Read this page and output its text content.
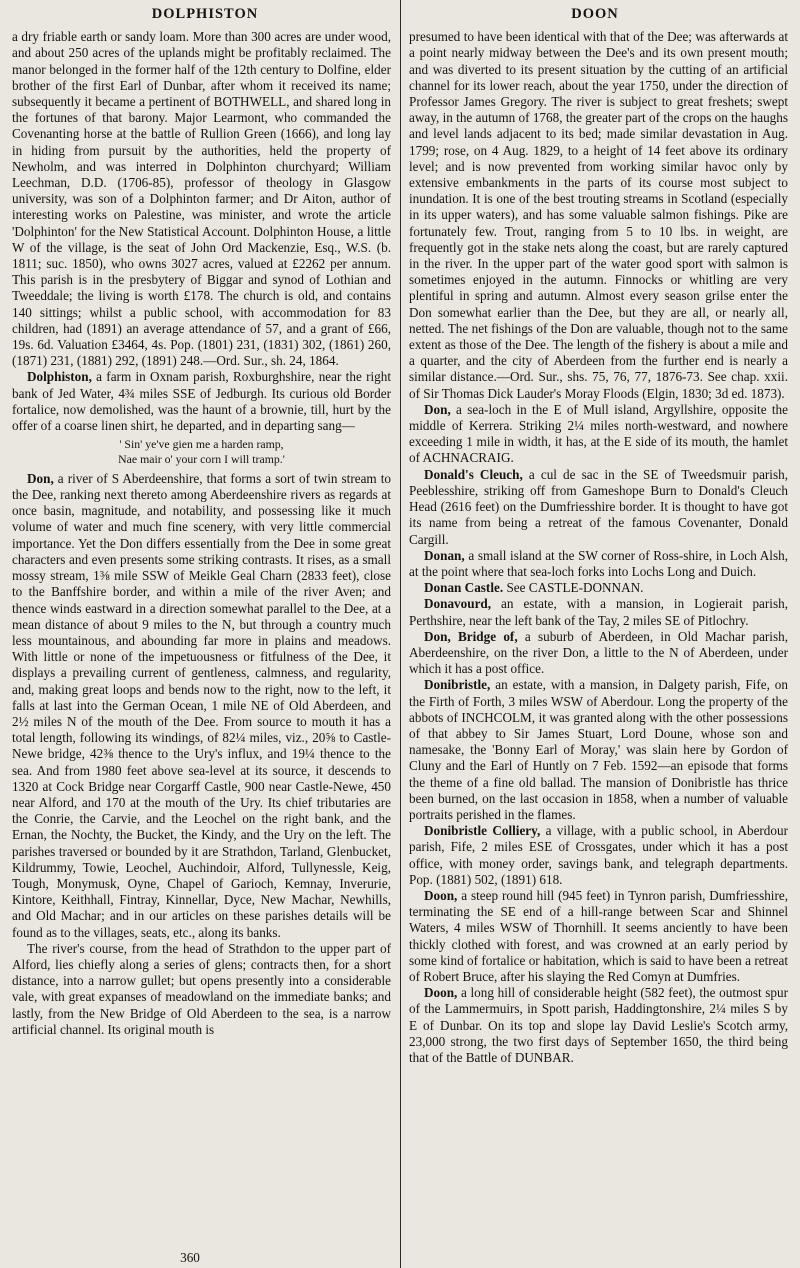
DOLPHISTON	DOON

a dry friable earth or sandy loam. More than 300 acres are under wood, and about 250 acres of the uplands might be profitably reclaimed. The manor belonged in the former half of the 12th century to Dolfine, elder brother of the first Earl of Dunbar, after whom it received its name; subsequently it became a pertinent of BOTHWELL, and shared long in the fortunes of that barony. Major Learmont, who commanded the Covenanting horse at the battle of Rullion Green (1666), and long lay in hiding from pursuit by the authorities, held the property of Newholm, and was interred in Dolphinton churchyard; William Leechman, D.D. (1706-85), professor of theology in Glasgow university, was son of a Dolphinton farmer; and Dr Aiton, author of interesting works on Palestine, was minister, and wrote the article 'Dolphinton' for the New Statistical Account. Dolphinton House, a little W of the village, is the seat of John Ord Mackenzie, Esq., W.S. (b. 1811; suc. 1850), who owns 3027 acres, valued at £2262 per annum. This parish is in the presbytery of Biggar and synod of Lothian and Tweeddale; the living is worth £178. The church is old, and contains 140 sittings; whilst a public school, with accommodation for 83 children, had (1891) an average attendance of 57, and a grant of £66, 19s. 6d. Valuation £3464, 4s. Pop. (1801) 231, (1831) 302, (1861) 260, (1871) 231, (1881) 292, (1891) 248.—Ord. Sur., sh. 24, 1864.

Dolphiston, a farm in Oxnam parish, Roxburghshire, near the right bank of Jed Water, 4¾ miles SSE of Jedburgh. Its curious old Border fortalice, now demolished, was the haunt of a brownie, till, hurt by the offer of a coarse linen shirt, he departed, and in departing sang—

' Sin' ye've gien me a harden ramp,
Nae mair o' your corn I will tramp.'

Don, a river of S Aberdeenshire, that forms a sort of twin stream to the Dee, ranking next thereto among Aberdeenshire rivers as regards at once basin, magnitude, and notability, and possessing like it much volume of water and much fine scenery, with very little commercial importance. Yet the Don differs essentially from the Dee in some great characters and even presents some striking contrasts. It rises, as a small mossy stream, 1⅜ mile SSW of Meikle Geal Charn (2833 feet), close to the Banffshire border, and within a mile of the river Aven; and thence winds eastward in a direction somewhat parallel to the Dee, at a mean distance of about 9 miles to the N, but through a country much less mountainous, and abounding far more in plains and meadows. With little or none of the impetuousness or fitfulness of the Dee, it displays a prevailing current of gentleness, calmness, and regularity, and, making great loops and bends now to the right, now to the left, it falls at last into the German Ocean, 1 mile NE of Old Aberdeen, and 2½ miles N of the mouth of the Dee. From source to mouth it has a total length, following its windings, of 82¼ miles, viz., 20⅝ to Castle-Newe bridge, 42⅜ thence to the Ury's influx, and 19¼ thence to the sea. And from 1980 feet above sea-level at its source, it descends to 1320 at Cock Bridge near Corgarff Castle, 900 near Castle-Newe, 450 near Alford, and 170 at the mouth of the Ury. Its chief tributaries are the Conrie, the Carvie, and the Leochel on the right bank, and the Ernan, the Nochty, the Bucket, the Kindy, and the Ury on the left. The parishes traversed or bounded by it are Strathdon, Tarland, Glenbucket, Kildrummy, Towie, Leochel, Auchindoir, Alford, Tullynessle, Keig, Tough, Monymusk, Oyne, Chapel of Garioch, Kemnay, Inverurie, Kintore, Keithhall, Fintray, Kinnellar, Dyce, New Machar, Newhills, and Old Machar; and in our articles on these parishes details will be found as to the villages, seats, etc., along its banks.

The river's course, from the head of Strathdon to the upper part of Alford, lies chiefly along a series of glens; contracts then, for a short distance, into a narrow gullet; but opens presently into a considerable vale, with great expanses of meadowland on the immediate banks; and lastly, from the New Bridge of Old Aberdeen to the sea, is a narrow artificial channel. Its original mouth is

presumed to have been identical with that of the Dee; was afterwards at a point nearly midway between the Dee's and its own present mouth; and was diverted to its present situation by the cutting of an artificial channel for its lower reach, about the year 1750, under the direction of Professor James Gregory. The river is subject to great freshets; swept away, in the autumn of 1768, the greater part of the crops on the haughs and level lands adjacent to its bed; made similar devastation in Aug. 1799; rose, on 4 Aug. 1829, to a height of 14 feet above its ordinary level; and is now prevented from working similar havoc only by extensive embankments in the parts of its course most subject to inundation. It is one of the best trouting streams in Scotland (especially in its upper waters), and has some valuable salmon fishings. Pike are fortunately few. Trout, ranging from 5 to 10 lbs. in weight, are frequently got in the stake nets along the coast, but are rarely captured in the river. In the upper part of the water good sport with salmon is sometimes enjoyed in the autumn. Finnocks or whitling are very plentiful in spring and autumn. Almost every season grilse enter the Don somewhat earlier than the Dee, but they are all, or nearly all, netted. The net fishings of the Don are valuable, though not to the same extent as those of the Dee. The length of the fishery is about a mile and a quarter, and the city of Aberdeen from the further end is nearly a similar distance.—Ord. Sur., shs. 75, 76, 77, 1876-73. See chap. xxii. of Sir Thomas Dick Lauder's Moray Floods (Elgin, 1830; 3d ed. 1873).

Don, a sea-loch in the E of Mull island, Argyllshire, opposite the middle of Kerrera. Striking 2¼ miles north-westward, and nowhere exceeding 1 mile in width, it has, at the E side of its mouth, the hamlet of ACHNACRAIG.

Donald's Cleuch, a cul de sac in the SE of Tweedsmuir parish, Peeblesshire, striking off from Gameshope Burn to Donald's Cleuch Head (2616 feet) on the Dumfriesshire border. It is thought to have got its name from being a retreat of the famous Covenanter, Donald Cargill.

Donan, a small island at the SW corner of Ross-shire, in Loch Alsh, at the point where that sea-loch forks into Lochs Long and Duich.

Donan Castle. See CASTLE-DONNAN.

Donavourd, an estate, with a mansion, in Logierait parish, Perthshire, near the left bank of the Tay, 2 miles SE of Pitlochry.

Don, Bridge of, a suburb of Aberdeen, in Old Machar parish, Aberdeenshire, on the river Don, a little to the N of Aberdeen, under which it has a post office.

Donibristle, an estate, with a mansion, in Dalgety parish, Fife, on the Firth of Forth, 3 miles WSW of Aberdour. Long the property of the abbots of INCHCOLM, it was granted along with the other possessions of that abbey to Sir James Stuart, Lord Doune, whose son and namesake, the 'Bonny Earl of Moray,' was slain here by Gordon of Cluny and the Earl of Huntly on 7 Feb. 1592—an episode that forms the theme of a fine old ballad. The mansion of Donibristle has thrice been burned, on the last occasion in 1858, when a number of valuable portraits perished in the flames.

Donibristle Colliery, a village, with a public school, in Aberdour parish, Fife, 2 miles ESE of Crossgates, under which it has a post office, with money order, savings bank, and telegraph departments. Pop. (1881) 502, (1891) 618.

Doon, a steep round hill (945 feet) in Tynron parish, Dumfriesshire, terminating the SE end of a hill-range between Scar and Shinnel Waters, 4 miles WSW of Thornhill. It seems anciently to have been thickly clothed with forest, and was crowned at an early period by some kind of fortalice or habitation, which is said to have been a retreat of Robert Bruce, after his slaying the Red Comyn at Dumfries.

Doon, a long hill of considerable height (582 feet), the outmost spur of the Lammermuirs, in Spott parish, Haddingtonshire, 2¼ miles S by E of Dunbar. On its top and slope lay David Leslie's Scotch army, 23,000 strong, the two first days of September 1650, the third being that of the Battle of DUNBAR.

360
